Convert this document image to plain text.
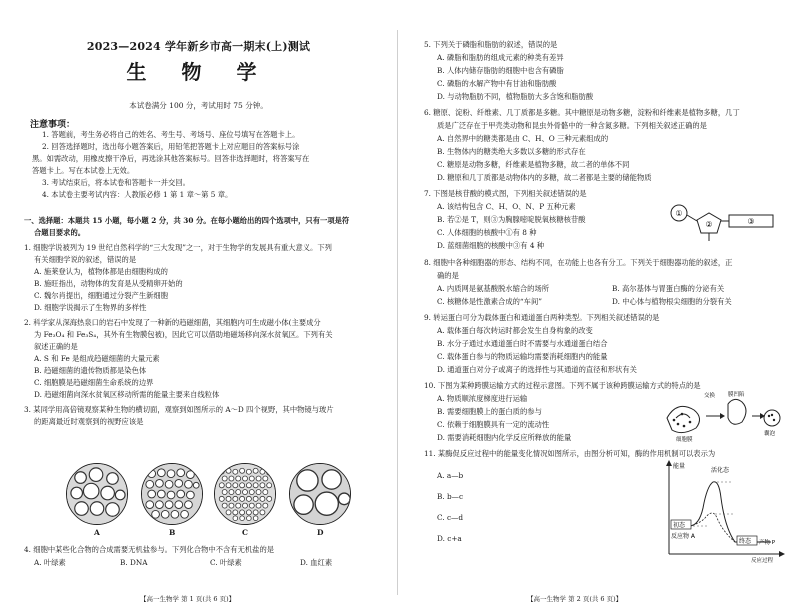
2023—2024 学年新乡市高一期末(上)测试
生 物 学
本试卷满分 100 分，考试用时 75 分钟。
注意事项：
1. 答题前，考生务必将自己的姓名、考生号、考场号、座位号填写在答题卡上。
2. 回答选择题时，选出每小题答案后，用铅笔把答题卡上对应题目的答案标号涂
黑。如需改动，用橡皮擦干净后，再选涂其他答案标号。回答非选择题时，将答案写在
答题卡上。写在本试卷上无效。
3. 考试结束后，将本试卷和答题卡一并交回。
4. 本试卷主要考试内容：人教版必修 1 第 1 章～第 5 章。
一、选择题：本题共 15 小题，每小题 2 分，共 30 分。在每小题给出的四个选项中，只有一项是符
合题目要求的。
1. 细胞学说被列为 19 世纪自然科学的“三大发现”之一，对于生物学的发展具有重大意义。下列
有关细胞学说的叙述，错误的是
A. 施莱登认为，植物体都是由细胞构成的
B. 施旺指出，动物体的发育是从受精卵开始的
C. 魏尔肖提出，细胞通过分裂产生新细胞
D. 细胞学说揭示了生物界的多样性
2. 科学家从深海热泉口的岩石中发现了一种新的趋磁细菌，其细胞内可生成磁小体(主要成分
为 Fe₃O₄ 和 Fe₃S₄，其外有生物膜包被)，因此它可以借助地磁场移向深水贫氧区。下列有关
叙述正确的是
A. S 和 Fe 是组成趋磁细菌的大量元素
B. 趋磁细菌的遗传物质都是染色体
C. 细胞膜是趋磁细菌生命系统的边界
D. 趋磁细菌向深水贫氧区移动所需的能量主要来自线粒体
3. 某同学用高倍镜观察某种生物的横切面，观察到如图所示的 A～D 四个视野，其中物镜与玻片
的距离最近时观察到的视野应该是
A	B	C	D
4. 细胞中某些化合物的合成需要无机盐参与。下列化合物中不含有无机盐的是
A. 叶绿素	B. DNA	C. 叶绿素	D. 血红素
【高一生物学 第 1 页(共 6 页)】
5. 下列关于磷脂和脂肪的叙述，错误的是
A. 磷脂和脂肪的组成元素的种类有差异
B. 人体内储存脂肪的细胞中也含有磷脂
C. 磷脂的水解产物中有甘油和脂肪酸
D. 与动物脂肪不同，植物脂肪大多含饱和脂肪酸
6. 糖原、淀粉、纤维素、几丁质都是多糖。其中糖原是动物多糖，淀粉和纤维素是植物多糖，几丁
质是广泛存在于甲壳类动物和昆虫外骨骼中的一种含氮多糖。下列相关叙述正确的是
A. 自然界中的糖类都是由 C、H、O 三种元素组成的
B. 生物体内的糖类绝大多数以多糖的形式存在
C. 糖原是动物多糖，纤维素是植物多糖，故二者的单体不同
D. 糖原和几丁质都是动物体内的多糖，故二者都是主要的储能物质
7. 下图是核苷酸的模式图，下列相关叙述错误的是
A. 该结构包含 C、H、O、N、P 五种元素
B. 若②是 T，则③为胸腺嘧啶脱氧核糖核苷酸
C. 人体细胞的核酸中①有 8 种
D. 蓝细菌细胞的核酸中③有 4 种
①
②	③
8. 细胞中各种细胞器的形态、结构不同，在功能上也各有分工。下列关于细胞器功能的叙述，正
确的是
A. 内质网是氨基酸脱水缩合的场所	B. 高尔基体与胃蛋白酶的分泌有关
C. 核糖体是性激素合成的“车间”	D. 中心体与植物根尖细胞的分裂有关
9. 转运蛋白可分为载体蛋白和通道蛋白两种类型。下列相关叙述错误的是
A. 载体蛋白每次转运时都会发生自身构象的改变
B. 水分子通过水通道蛋白时不需要与水通道蛋白结合
C. 载体蛋白参与的物质运输均需要消耗细胞内的能量
D. 通道蛋白对分子或离子的选择性与其通道的直径和形状有关
10. 下图为某种跨膜运输方式的过程示意图。下列不属于该种跨膜运输方式的特点的是
A. 物质顺浓度梯度进行运输
B. 需要细胞膜上的蛋白质的参与
C. 依赖于细胞膜具有一定的流动性
D. 需要消耗细胞内化学反应所释放的能量
交换 膜凹陷
细胞膜
囊泡
11. 某酶促反应过程中的能量变化情况如图所示，由图分析可知，酶的作用机制可以表示为
A. a—b
B. b—c
C. c—d
D. c+a
能量
活化态
初态
反应物 A
终态 产物 P
反应过程
【高一生物学 第 2 页(共 6 页)】
